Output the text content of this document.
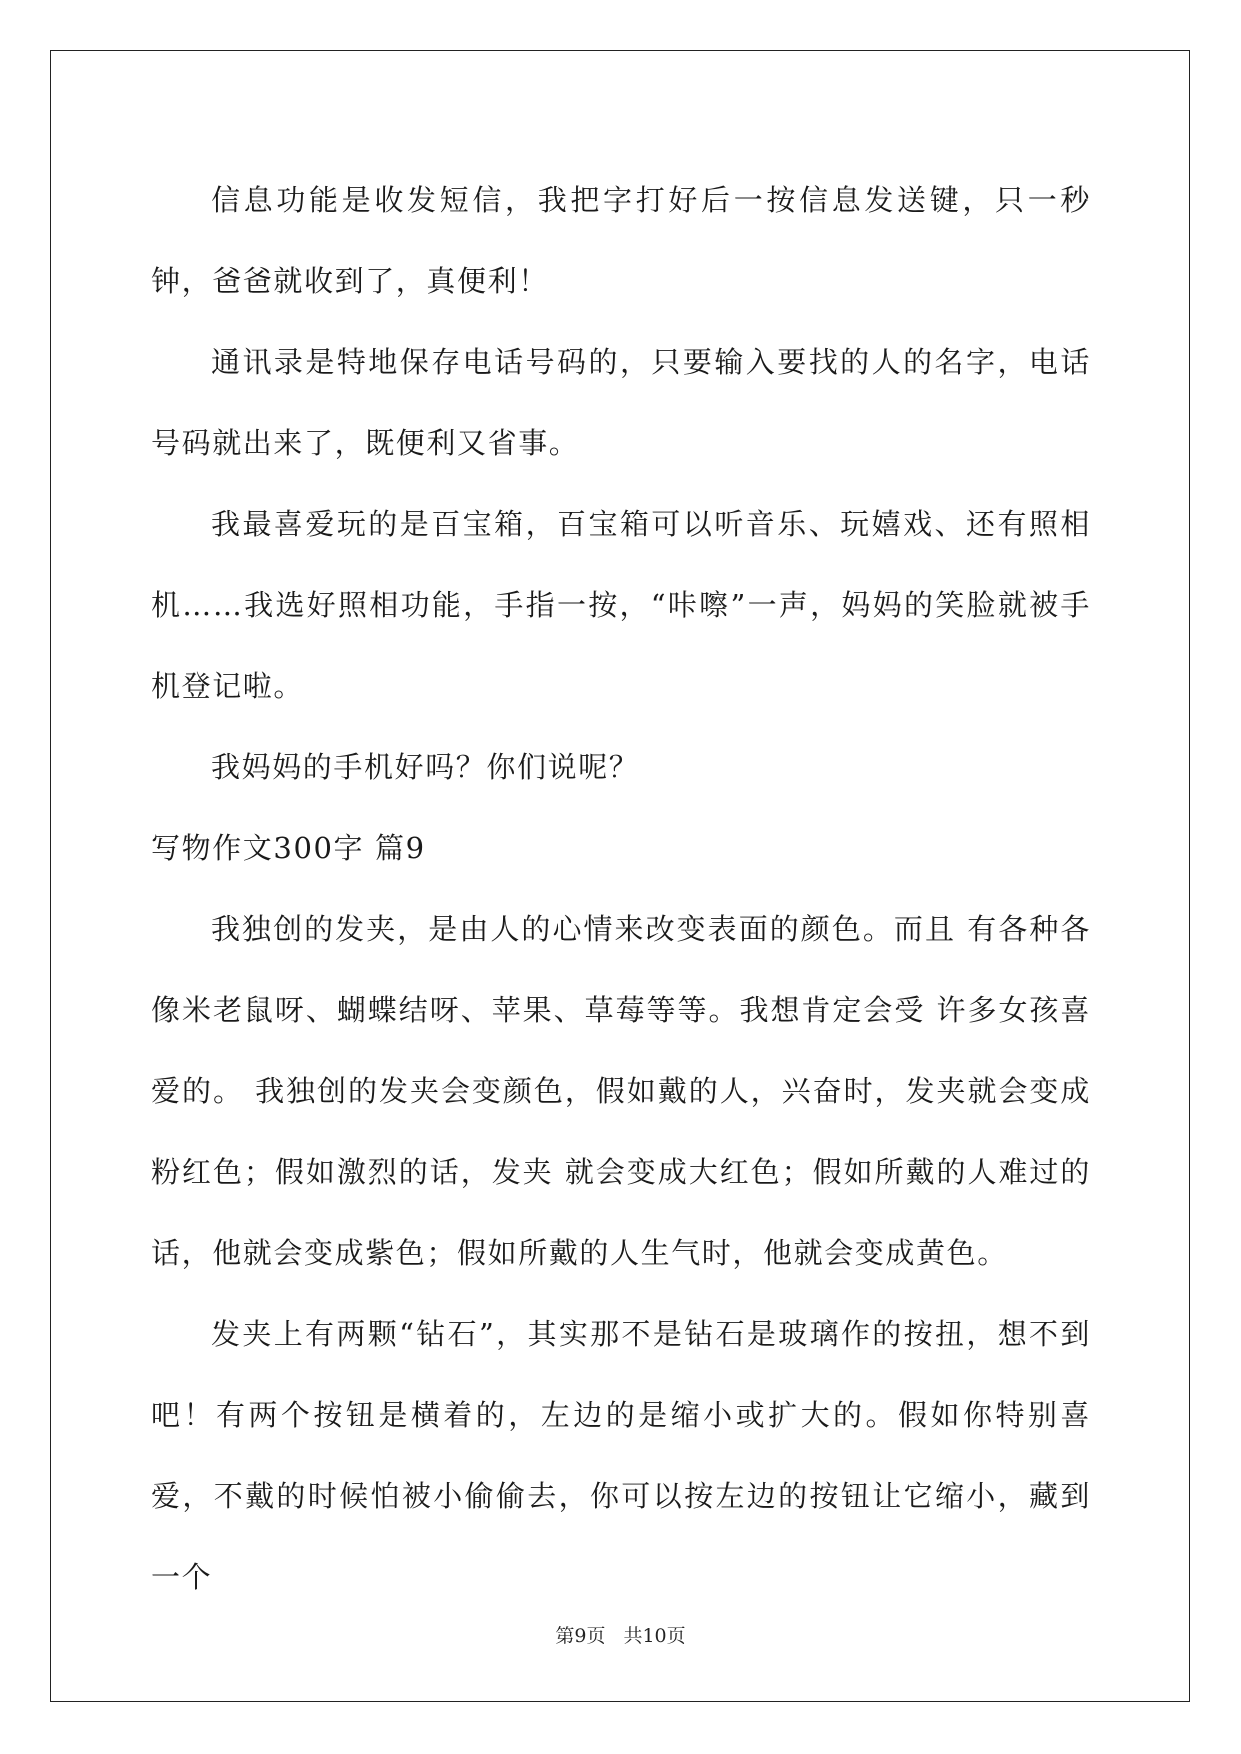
信息功能是收发短信，我把字打好后一按信息发送键，只一秒钟，爸爸就收到了，真便利！

通讯录是特地保存电话号码的，只要输入要找的人的名字，电话号码就出来了，既便利又省事。

我最喜爱玩的是百宝箱，百宝箱可以听音乐、玩嬉戏、还有照相机……我选好照相功能，手指一按，“咔嚓”一声，妈妈的笑脸就被手机登记啦。

我妈妈的手机好吗？你们说呢？

写物作文300字 篇9

我独创的发夹，是由人的心情来改变表面的颜色。而且 有各种各像米老鼠呀、蝴蝶结呀、苹果、草莓等等。我想肯定会受 许多女孩喜爱的。 我独创的发夹会变颜色，假如戴的人，兴奋时，发夹就会变成粉红色；假如激烈的话，发夹 就会变成大红色；假如所戴的人难过的话，他就会变成紫色；假如所戴的人生气时，他就会变成黄色。

发夹上有两颗“钻石”，其实那不是钻石是玻璃作的按扭，想不到吧！有两个按钮是横着的，左边的是缩小或扩大的。假如你特别喜爱，不戴的时候怕被小偷偷去，你可以按左边的按钮让它缩小，藏到一个

第9页 共10页
